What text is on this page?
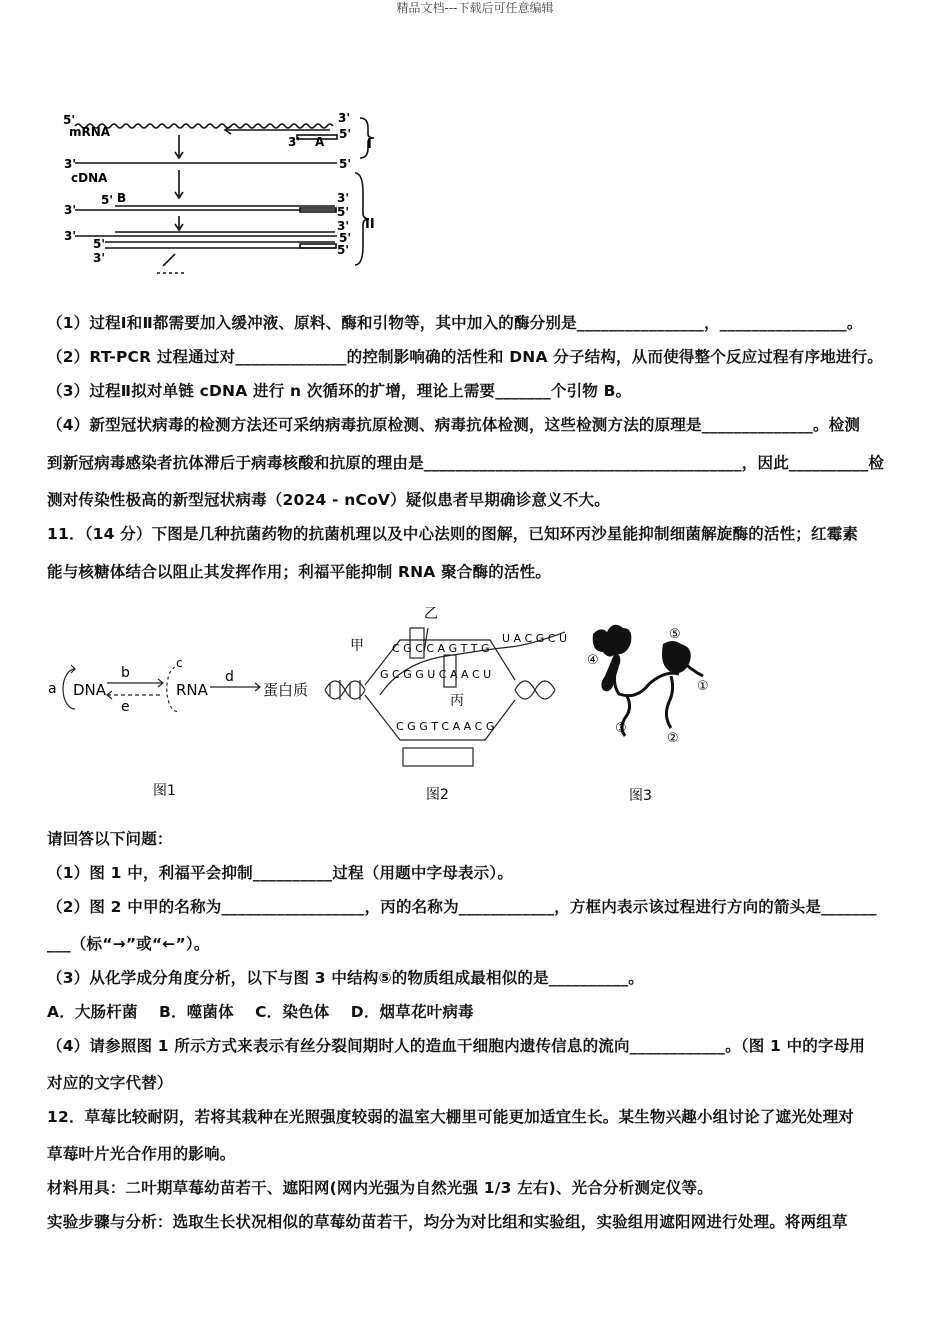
精品文档---下载后可任意编辑
5'
mRNA
3'
3' A
5'
3'
cDNA
5'
I
5' B
3'
3'
5'
3'
3'
5'
5'
3'
5'
II
（1）过程Ⅰ和Ⅱ都需要加入缓冲液、原料、酶和引物等，其中加入的酶分别是________________，________________。
（2）RT-PCR 过程通过对______________的控制影响确的活性和 DNA 分子结构，从而使得整个反应过程有序地进行。
（3）过程Ⅱ拟对单链 cDNA 进行 n 次循环的扩增，理论上需要_______个引物 B。
（4）新型冠状病毒的检测方法还可采纳病毒抗原检测、病毒抗体检测，这些检测方法的原理是______________。检测
到新冠病毒感染者抗体滞后于病毒核酸和抗原的理由是________________________________________，因此__________检
测对传染性极高的新型冠状病毒（2024 - nCoV）疑似患者早期确诊意义不大。
11．（14 分）下图是几种抗菌药物的抗菌机理以及中心法则的图解，已知环丙沙星能抑制细菌解旋酶的活性；红霉素
能与核糖体结合以阻止其发挥作用；利福平能抑制 RNA 聚合酶的活性。
a DNA
b
e
c
RNA
d
蛋白质
图1
甲
乙
丙
C G C C A G T T G
G C G G U C A A C U
U A C G C U
C G G T C A A C G
图2
④
⑤
①
③
②
图3
请回答以下问题：
（1）图 1 中，利福平会抑制__________过程（用题中字母表示）。
（2）图 2 中甲的名称为__________________，丙的名称为____________，方框内表示该过程进行方向的箭头是_______
___（标“→”或“←”）。
（3）从化学成分角度分析，以下与图 3 中结构⑤的物质组成最相似的是__________。
A．大肠杆菌　 B．噬菌体　 C．染色体　 D．烟草花叶病毒
（4）请参照图 1 所示方式来表示有丝分裂间期时人的造血干细胞内遗传信息的流向____________。（图 1 中的字母用
对应的文字代替）
12．草莓比较耐阴，若将其栽种在光照强度较弱的温室大棚里可能更加适宜生长。某生物兴趣小组讨论了遮光处理对
草莓叶片光合作用的影响。
材料用具：二叶期草莓幼苗若干、遮阳网(网内光强为自然光强 1/3 左右)、光合分析测定仪等。
实验步骤与分析：选取生长状况相似的草莓幼苗若干，均分为对比组和实验组，实验组用遮阳网进行处理。将两组草
